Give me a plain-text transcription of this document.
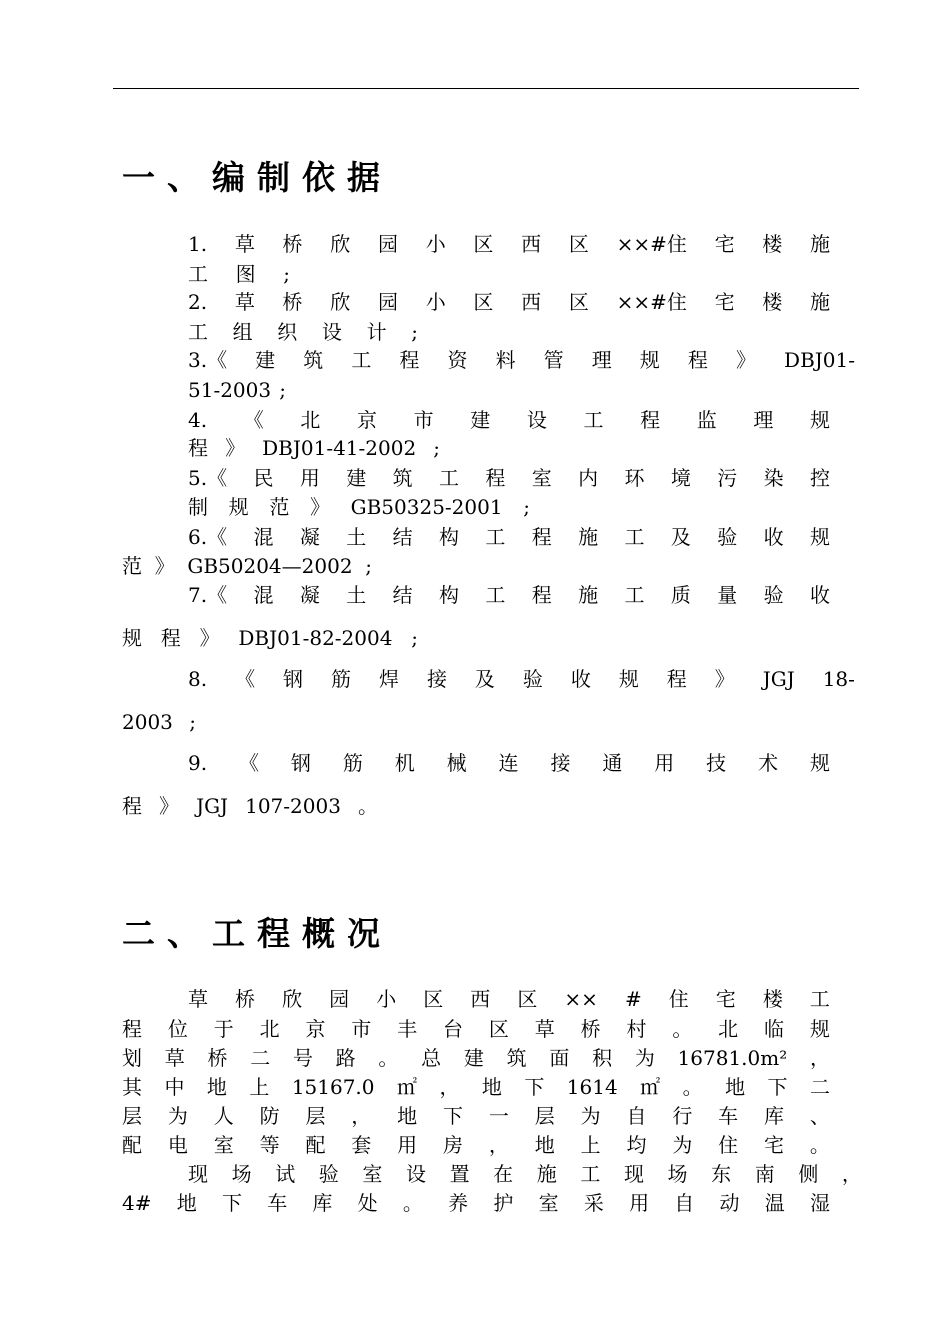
一、编制依据
1. 草 桥 欣 园 小 区 西 区 ××#住 宅 楼 施
工 图 ;
2. 草 桥 欣 园 小 区 西 区 ××#住 宅 楼 施
工 组 织 设 计 ;
3.《 建 筑 工 程 资 料 管 理 规 程 》 DBJ01-
51-2003 ;
4. 《 北 京 市 建 设 工 程 监 理 规
程 》 DBJ01-41-2002 ;
5.《 民 用 建 筑 工 程 室 内 环 境 污 染 控
制 规 范 》 GB50325-2001 ;
6.《 混 凝 土 结 构 工 程 施 工 及 验 收 规
范 》 GB50204—2002 ;
7.《 混 凝 土 结 构 工 程 施 工 质 量 验 收
规 程 》 DBJ01-82-2004 ;
8. 《 钢 筋 焊 接 及 验 收 规 程 》 JGJ 18-
2003 ;
9. 《 钢 筋 机 械 连 接 通 用 技 术 规
程 》 JGJ 107-2003 。
二、工程概况
草 桥 欣 园 小 区 西 区 ×× # 住 宅 楼 工
程 位 于 北 京 市 丰 台 区 草 桥 村 。 北 临 规
划 草 桥 二 号 路 。 总 建 筑 面 积 为 16781.0m² ，
其 中 地 上 15167.0 ㎡ ， 地 下 1614 ㎡ 。 地 下 二
层 为 人 防 层 ， 地 下 一 层 为 自 行 车 库 、
配 电 室 等 配 套 用 房 ， 地 上 均 为 住 宅 。
现 场 试 验 室 设 置 在 施 工 现 场 东 南 侧 ，
4# 地 下 车 库 处 。 养 护 室 采 用 自 动 温 湿
